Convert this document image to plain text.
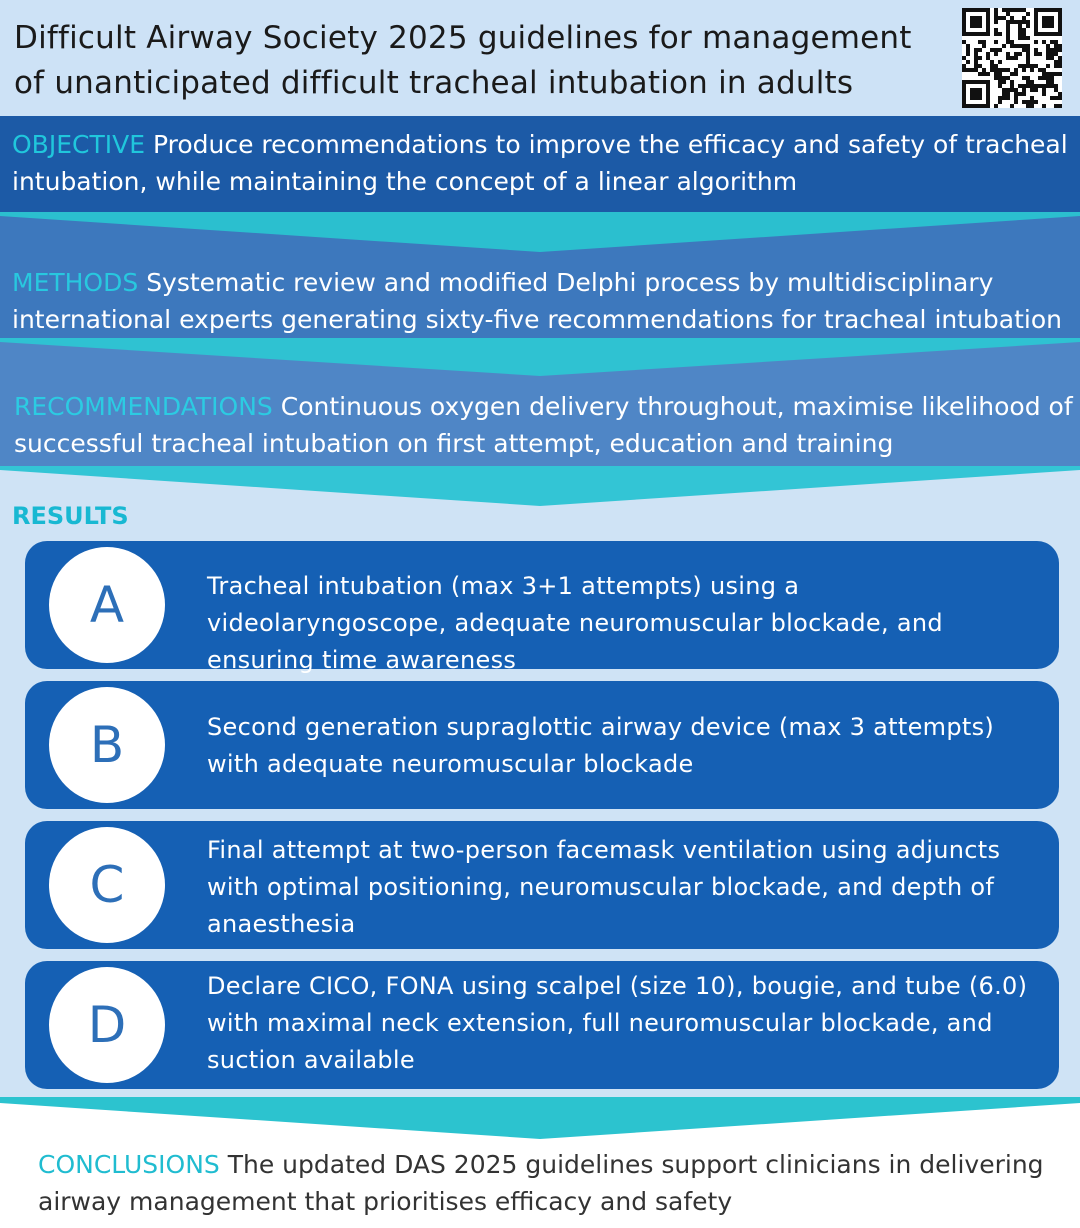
Difficult Airway Society 2025 guidelines for management of unanticipated difficult tracheal intubation in adults
OBJECTIVE Produce recommendations to improve the efficacy and safety of tracheal intubation, while maintaining the concept of a linear algorithm
METHODS Systematic review and modified Delphi process by multidisciplinary international experts generating sixty-five recommendations for tracheal intubation
RECOMMENDATIONS Continuous oxygen delivery throughout, maximise likelihood of successful tracheal intubation on first attempt, education and training
RESULTS
A	Tracheal intubation (max 3+1 attempts) using a videolaryngoscope, adequate neuromuscular blockade, and ensuring time awareness
B	Second generation supraglottic airway device (max 3 attempts) with adequate neuromuscular blockade
C
Final attempt at two-person facemask ventilation using adjuncts with optimal positioning, neuromuscular blockade, and depth of anaesthesia
D
Declare CICO, FONA using scalpel (size 10), bougie, and tube (6.0) with maximal neck extension, full neuromuscular blockade, and suction available
CONCLUSIONS The updated DAS 2025 guidelines support clinicians in delivering airway management that prioritises efficacy and safety
